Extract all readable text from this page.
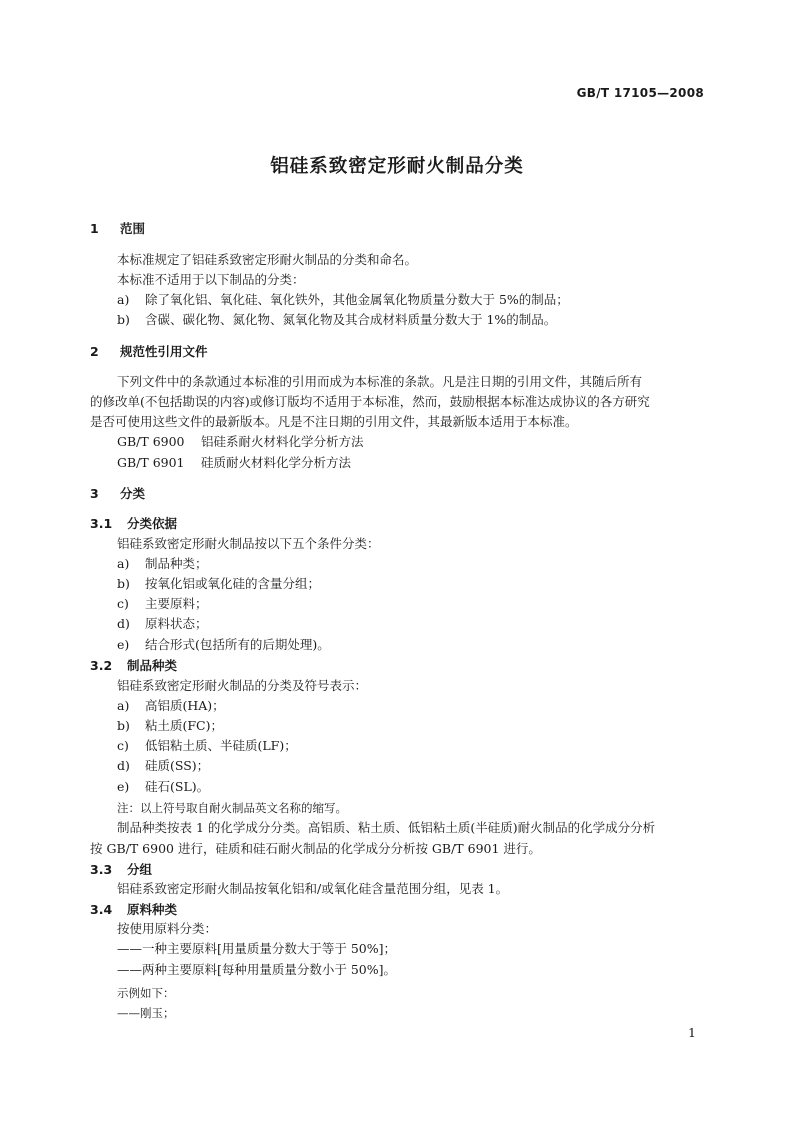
GB/T 17105—2008
铝硅系致密定形耐火制品分类
1 范围
本标准规定了铝硅系致密定形耐火制品的分类和命名。
本标准不适用于以下制品的分类：
a) 除了氧化铝、氧化硅、氧化铁外，其他金属氧化物质量分数大于 5%的制品；
b) 含碳、碳化物、氮化物、氮氧化物及其合成材料质量分数大于 1%的制品。
2 规范性引用文件
下列文件中的条款通过本标准的引用而成为本标准的条款。凡是注日期的引用文件，其随后所有
的修改单(不包括勘误的内容)或修订版均不适用于本标准，然而，鼓励根据本标准达成协议的各方研究
是否可使用这些文件的最新版本。凡是不注日期的引用文件，其最新版本适用于本标准。
GB/T 6900 铝硅系耐火材料化学分析方法
GB/T 6901 硅质耐火材料化学分析方法
3 分类
3.1 分类依据
铝硅系致密定形耐火制品按以下五个条件分类：
a) 制品种类；
b) 按氧化铝或氧化硅的含量分组；
c) 主要原料；
d) 原料状态；
e) 结合形式(包括所有的后期处理)。
3.2 制品种类
铝硅系致密定形耐火制品的分类及符号表示：
a) 高铝质(HA)；
b) 粘土质(FC)；
c) 低铝粘土质、半硅质(LF)；
d) 硅质(SS)；
e) 硅石(SL)。
注：以上符号取自耐火制品英文名称的缩写。
制品种类按表 1 的化学成分分类。高铝质、粘土质、低铝粘土质(半硅质)耐火制品的化学成分分析
按 GB/T 6900 进行，硅质和硅石耐火制品的化学成分分析按 GB/T 6901 进行。
3.3 分组
铝硅系致密定形耐火制品按氧化铝和/或氧化硅含量范围分组，见表 1。
3.4 原料种类
按使用原料分类：
——一种主要原料[用量质量分数大于等于 50%]；
——两种主要原料[每种用量质量分数小于 50%]。
示例如下：
——刚玉；
1
